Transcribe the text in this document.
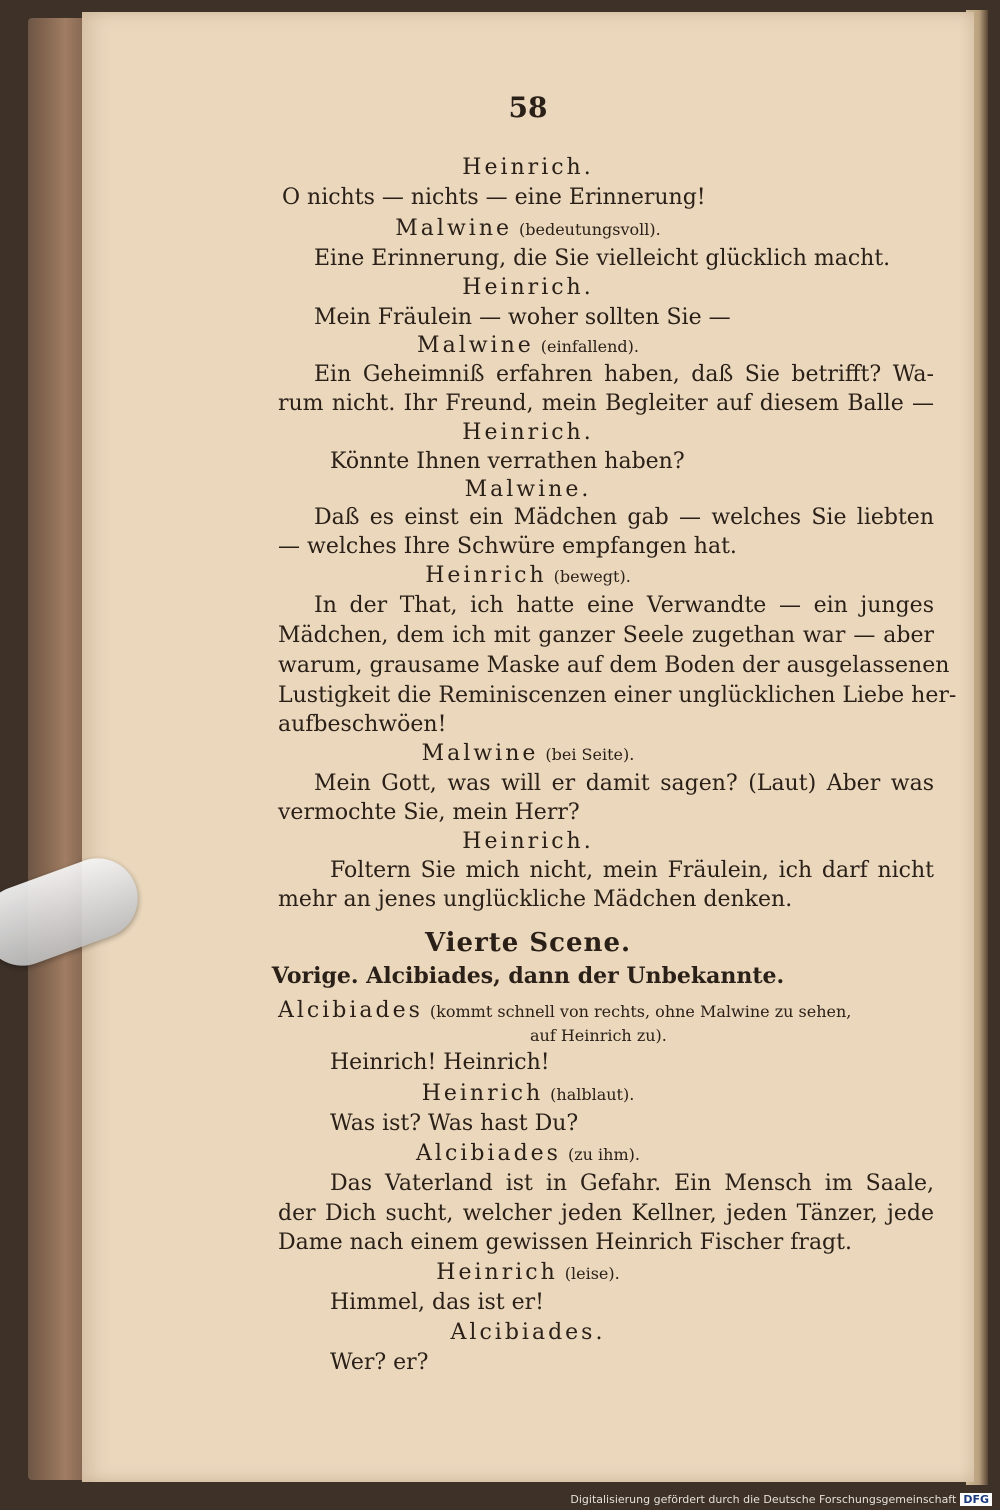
58
Heinrich.
O nichts — nichts — eine Erinnerung!
Malwine (bedeutungsvoll).
Eine Erinnerung, die Sie vielleicht glücklich macht.
Heinrich.
Mein Fräulein — woher sollten Sie —
Malwine (einfallend).
Ein Geheimniß erfahren haben, daß Sie betrifft? Wa-
rum nicht. Ihr Freund, mein Begleiter auf diesem Balle —
Heinrich.
Könnte Ihnen verrathen haben?
Malwine.
Daß es einst ein Mädchen gab — welches Sie liebten
— welches Ihre Schwüre empfangen hat.
Heinrich (bewegt).
In der That, ich hatte eine Verwandte — ein junges
Mädchen, dem ich mit ganzer Seele zugethan war — aber
warum, grausame Maske auf dem Boden der ausgelassenen
Lustigkeit die Reminiscenzen einer unglücklichen Liebe her-
aufbeschwöen!
Malwine (bei Seite).
Mein Gott, was will er damit sagen? (Laut) Aber was
vermochte Sie, mein Herr?
Heinrich.
Foltern Sie mich nicht, mein Fräulein, ich darf nicht
mehr an jenes unglückliche Mädchen denken.
Vierte Scene.
Vorige. Alcibiades, dann der Unbekannte.
Alcibiades (kommt schnell von rechts, ohne Malwine zu sehen,
auf Heinrich zu).
Heinrich! Heinrich!
Heinrich (halblaut).
Was ist? Was hast Du?
Alcibiades (zu ihm).
Das Vaterland ist in Gefahr. Ein Mensch im Saale,
der Dich sucht, welcher jeden Kellner, jeden Tänzer, jede
Dame nach einem gewissen Heinrich Fischer fragt.
Heinrich (leise).
Himmel, das ist er!
Alcibiades.
Wer? er?
Digitalisierung gefördert durch die Deutsche Forschungsgemeinschaft DFG
